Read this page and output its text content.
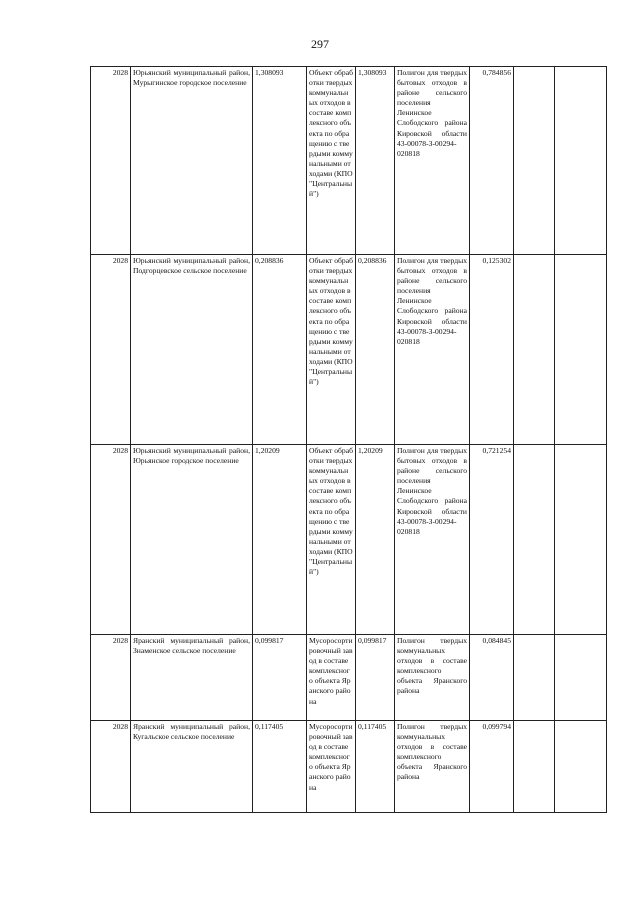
297
2028	Юрьянский муниципальный район, Мурыгинское городское поселение	1,308093	Объект обработки твердых коммунальных отходов в составе комплексного объекта по обращению с твердыми коммунальными отходами (КПО "Центральный")	1,308093	Полигон для твердых бытовых отходов в районе сельского поселения Ленинское Слободского района Кировской области 43-00078-З-00294-020818	0,784856		
2028	Юрьянский муниципальный район, Подгорцевское сельское поселение	0,208836	Объект обработки твердых коммунальных отходов в составе комплексного объекта по обращению с твердыми коммунальными отходами (КПО "Центральный")	0,208836	Полигон для твердых бытовых отходов в районе сельского поселения Ленинское Слободского района Кировской области 43-00078-З-00294-020818	0,125302		
2028	Юрьянский муниципальный район, Юрьянское городское поселение	1,20209	Объект обработки твердых коммунальных отходов в составе комплексного объекта по обращению с твердыми коммунальными отходами (КПО "Центральный")	1,20209	Полигон для твердых бытовых отходов в районе сельского поселения Ленинское Слободского района Кировской области 43-00078-З-00294-020818	0,721254		
2028	Яранский муниципальный район, Знаменское сельское поселение	0,099817	Мусоросортировочный завод в составе комплексного объекта Яранского района	0,099817	Полигон твердых коммунальных отходов в составе комплексного объекта Яранского района	0,084845		
2028	Яранский муниципальный район, Кугальское сельское поселение	0,117405	Мусоросортировочный завод в составе комплексного объекта Яранского района	0,117405	Полигон твердых коммунальных отходов в составе комплексного объекта Яранского района	0,099794		
